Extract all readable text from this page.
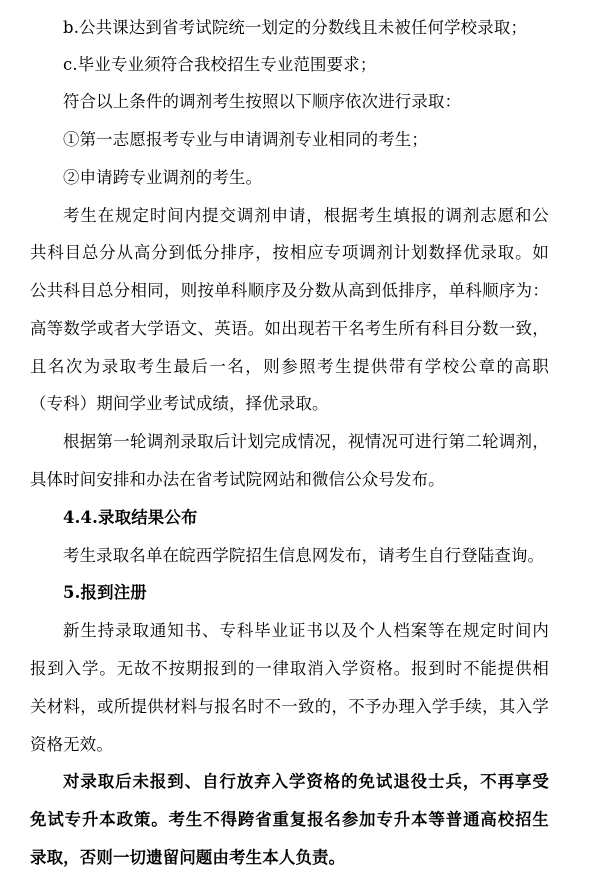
b.公共课达到省考试院统一划定的分数线且未被任何学校录取；
c.毕业专业须符合我校招生专业范围要求；
符合以上条件的调剂考生按照以下顺序依次进行录取：
①第一志愿报考专业与申请调剂专业相同的考生；
②申请跨专业调剂的考生。
考生在规定时间内提交调剂申请，根据考生填报的调剂志愿和公
共科目总分从高分到低分排序，按相应专项调剂计划数择优录取。如
公共科目总分相同，则按单科顺序及分数从高到低排序，单科顺序为：
高等数学或者大学语文、英语。如出现若干名考生所有科目分数一致，
且名次为录取考生最后一名，则参照考生提供带有学校公章的高职
（专科）期间学业考试成绩，择优录取。
根据第一轮调剂录取后计划完成情况，视情况可进行第二轮调剂，
具体时间安排和办法在省考试院网站和微信公众号发布。
4.4.录取结果公布
考生录取名单在皖西学院招生信息网发布，请考生自行登陆查询。
5.报到注册
新生持录取通知书、专科毕业证书以及个人档案等在规定时间内
报到入学。无故不按期报到的一律取消入学资格。报到时不能提供相
关材料，或所提供材料与报名时不一致的，不予办理入学手续，其入学
资格无效。
对录取后未报到、自行放弃入学资格的免试退役士兵，不再享受
免试专升本政策。考生不得跨省重复报名参加专升本等普通高校招生
录取，否则一切遗留问题由考生本人负责。
